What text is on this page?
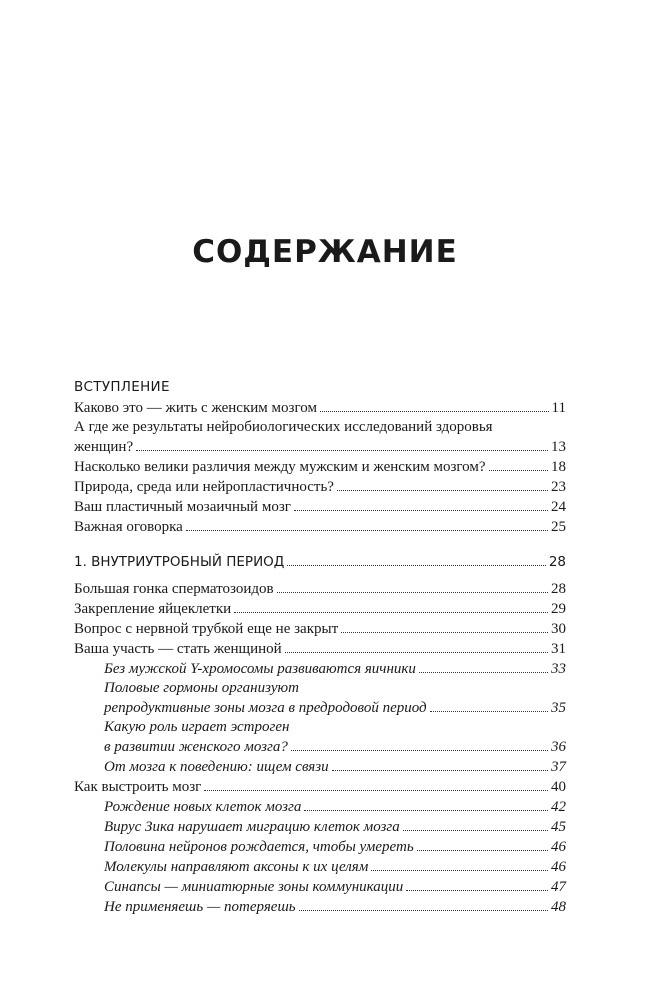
СОДЕРЖАНИЕ
ВСТУПЛЕНИЕ
Каково это — жить с женским мозгом	11
А где же результаты нейробиологических исследований здоровья
женщин?	13
Насколько велики различия между мужским и женским мозгом?	18
Природа, среда или нейропластичность?	23
Ваш пластичный мозаичный мозг	24
Важная оговорка	25
1. ВНУТРИУТРОБНЫЙ ПЕРИОД	28
Большая гонка сперматозоидов	28
Закрепление яйцеклетки	29
Вопрос с нервной трубкой еще не закрыт	30
Ваша участь — стать женщиной	31
Без мужской Y-хромосомы развиваются яичники	33
Половые гормоны организуют
репродуктивные зоны мозга в предродовой период	35
Какую роль играет эстроген
в развитии женского мозга?	36
От мозга к поведению: ищем связи	37
Как выстроить мозг	40
Рождение новых клеток мозга	42
Вирус Зика нарушает миграцию клеток мозга	45
Половина нейронов рождается, чтобы умереть	46
Молекулы направляют аксоны к их целям	46
Синапсы — миниатюрные зоны коммуникации	47
Не применяешь — потеряешь	48
